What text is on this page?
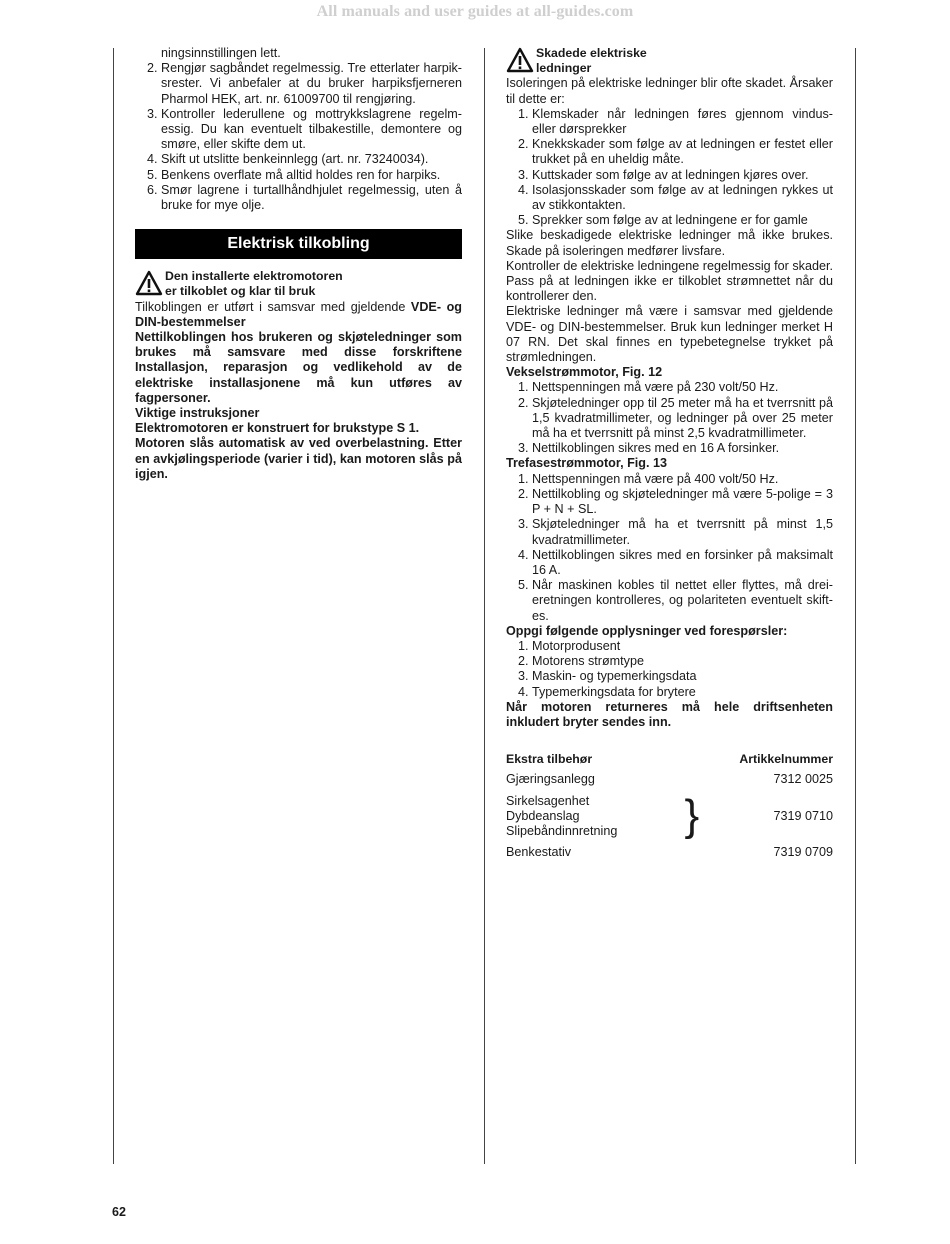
All manuals and user guides at all-guides.com

ningsinnstillingen lett.

2. Rengjør sagbåndet regelmessig. Tre etterlater harpiksrester. Vi anbefaler at du bruker harpiksfjerneren Pharmol HEK, art. nr. 61009700 til rengjøring.
3. Kontroller lederullene og mottrykkslagrene regelmessig. Du kan eventuelt tilbakestille, demontere og smøre, eller skifte dem ut.
4. Skift ut utslitte benkeinnlegg (art. nr. 73240034).
5. Benkens overflate må alltid holdes ren for harpiks.
6. Smør lagrene i turtallhåndhjulet regelmessig, uten å bruke for mye olje.
Elektrisk tilkobling
Den installerte elektromotoren
er tilkoblet og klar til bruk

Tilkoblingen er utført i samsvar med gjeldende VDE- og DIN-bestemmelser

Nettilkoblingen hos brukeren og skjøteledninger som brukes må samsvare med disse forskriftene Installasjon, reparasjon og vedlikehold av de elektriske installasjonene må kun utføres av fagpersoner.

Viktige instruksjoner

Elektromotoren er konstruert for brukstype S 1.

Motoren slås automatisk av ved overbelastning. Etter en avkjølingsperiode (varier i tid), kan motoren slås på igjen.

Skadede elektriske
ledninger

Isoleringen på elektriske ledninger blir ofte skadet. Årsaker til dette er:

1. Klemskader når ledningen føres gjennom vindus- eller dørsprekker
2. Knekkskader som følge av at ledningen er festet eller trukket på en uheldig måte.
3. Kuttskader som følge av at ledningen kjøres over.
4. Isolasjonsskader som følge av at ledningen rykkes ut av stikkontakten.
5. Sprekker som følge av at ledningene er for gamle

Slike beskadigede elektriske ledninger må ikke brukes. Skade på isoleringen medfører livsfare.

Kontroller de elektriske ledningene regelmessig for skader. Pass på at ledningen ikke er tilkoblet strømnettet når du kontrollerer den.

Elektriske ledninger må være i samsvar med gjeldende VDE- og DIN-bestemmelser. Bruk kun ledninger merket H 07 RN. Det skal finnes en typebetegnelse trykket på strømledningen.

Vekselstrømmotor, Fig. 12

1. Nettspenningen må være på 230 volt/50 Hz.
2. Skjøteledninger opp til 25 meter må ha et tverrsnitt på 1,5 kvadratmillimeter, og ledninger på over 25 meter må ha et tverrsnitt på minst 2,5 kvadratmillimeter.
3. Nettilkoblingen sikres med en 16 A forsinker.

Trefasestrømmotor, Fig. 13

1. Nettspenningen må være på 400 volt/50 Hz.
2. Nettilkobling og skjøteledninger må være 5-polige = 3 P + N + SL.
3. Skjøteledninger må ha et tverrsnitt på minst 1,5 kvadratmillimeter.
4. Nettilkoblingen sikres med en forsinker på maksimalt 16 A.
5. Når maskinen kobles til nettet eller flyttes, må dreieretningen kontrolleres, og polariteten eventuelt skiftes.

Oppgi følgende opplysninger ved forespørsler:

1. Motorprodusent
2. Motorens strømtype
3. Maskin- og typemerkingsdata
4. Typemerkingsdata for brytere

Når motoren returneres må hele driftsenheten inkludert bryter sendes inn.

Ekstra tilbehør	Artikkelnummer
Gjæringsanlegg	7312 0025
Sirkelsagenhet
Dybdeanslag
Slipebåndinnretning	}	7319 0710
Benkestativ	7319 0709
62
